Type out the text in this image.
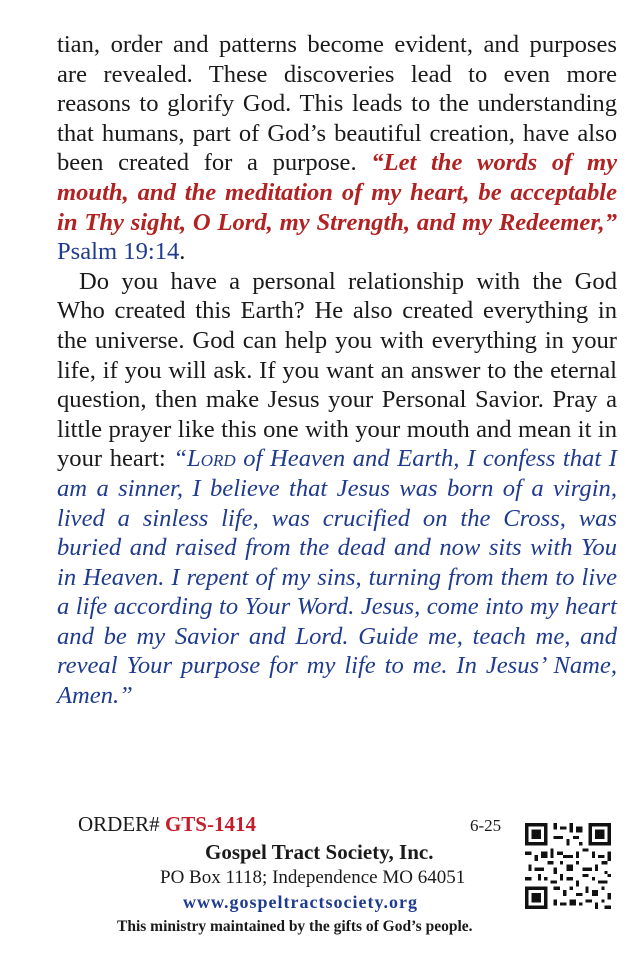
tian, order and patterns become evident, and purposes are revealed. These discoveries lead to even more reasons to glorify God. This leads to the understanding that humans, part of God’s beautiful creation, have also been created for a purpose. “Let the words of my mouth, and the meditation of my heart, be acceptable in Thy sight, O Lord, my Strength, and my Redeemer,” Psalm 19:14.

Do you have a personal relationship with the God Who created this Earth? He also created everything in the universe. God can help you with everything in your life, if you will ask. If you want an answer to the eternal question, then make Jesus your Personal Savior. Pray a little prayer like this one with your mouth and mean it in your heart: “Lord of Heaven and Earth, I confess that I am a sinner, I believe that Jesus was born of a virgin, lived a sinless life, was crucified on the Cross, was buried and raised from the dead and now sits with You in Heaven. I repent of my sins, turning from them to live a life according to Your Word. Jesus, come into my heart and be my Savior and Lord. Guide me, teach me, and reveal Your purpose for my life to me. In Jesus’ Name, Amen.”

ORDER# GTS-1414	6-25
Gospel Tract Society, Inc.
PO Box 1118; Independence MO 64051
www.gospeltractsociety.org
This ministry maintained by the gifts of God’s people.
